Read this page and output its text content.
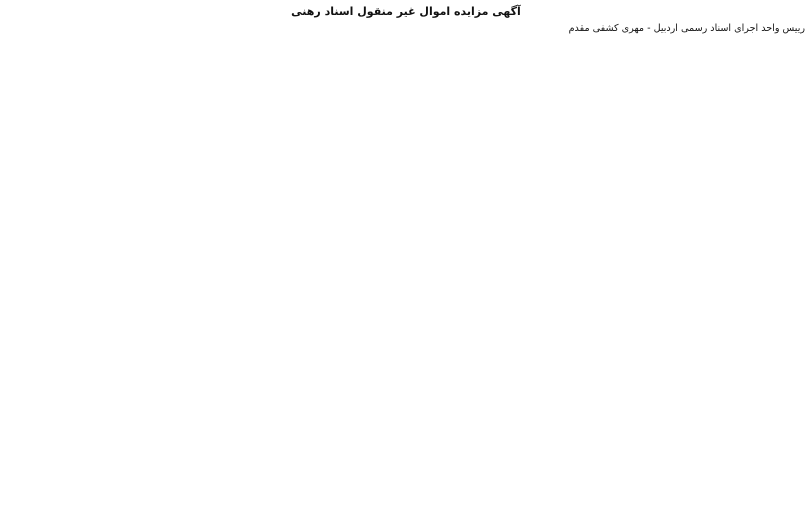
آگهی مزایده اموال غیر منقول اسناد رهنی

رییس واحد اجرای اسناد رسمی اردبیل - مهری کشفی مقدم
